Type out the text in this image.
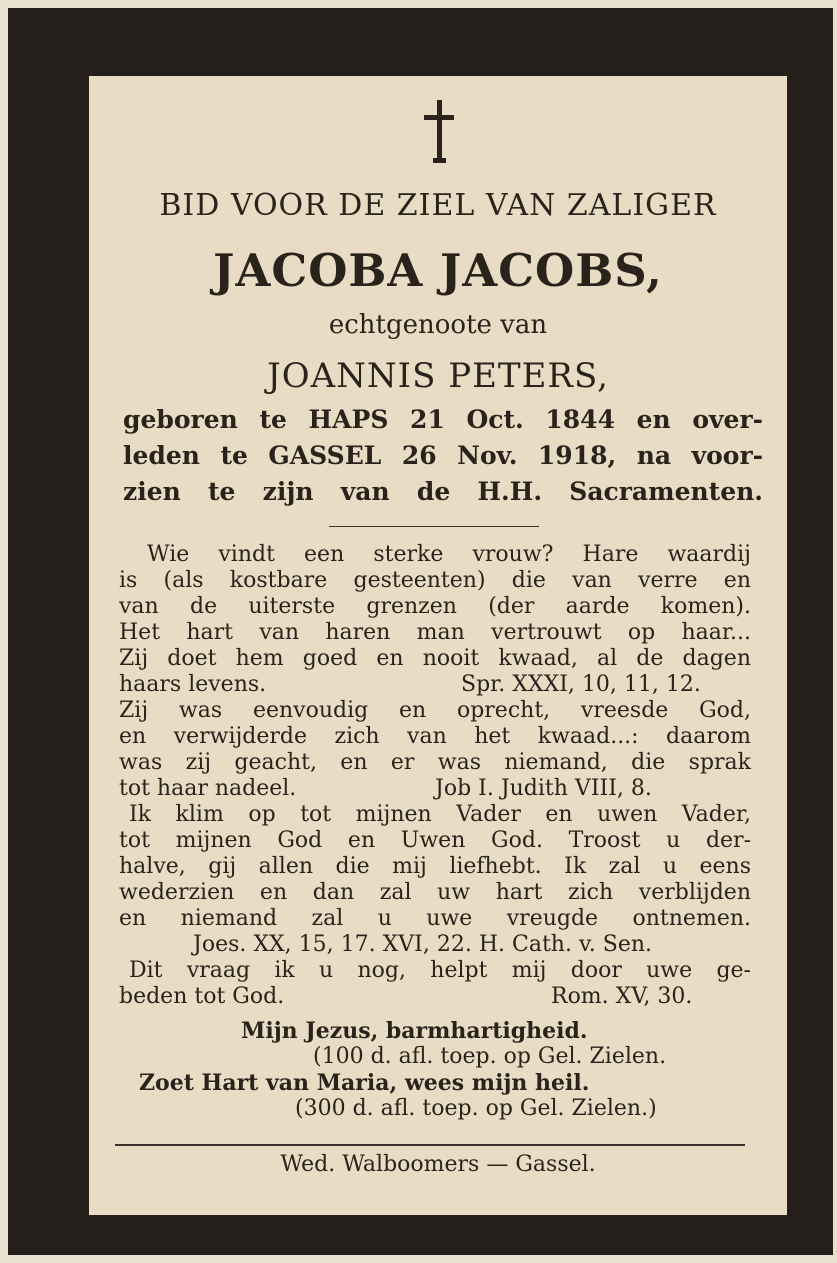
BID VOOR DE ZIEL VAN ZALIGER
JACOBA JACOBS,
echtgenoote van
JOANNIS PETERS,
geboren te HAPS 21 Oct. 1844 en over-
leden te GASSEL 26 Nov. 1918, na voor-
zien te zijn van de H.H. Sacramenten.
Wie vindt een sterke vrouw? Hare waardij
is (als kostbare gesteenten) die van verre en
van de uiterste grenzen (der aarde komen).
Het hart van haren man vertrouwt op haar...
Zij doet hem goed en nooit kwaad, al de dagen
haars levens.	Spr. XXXI, 10, 11, 12.
Zij was eenvoudig en oprecht, vreesde God,
en verwijderde zich van het kwaad...: daarom
was zij geacht, en er was niemand, die sprak
tot haar nadeel.	Job I. Judith VIII, 8.
Ik klim op tot mijnen Vader en uwen Vader,
tot mijnen God en Uwen God. Troost u der-
halve, gij allen die mij liefhebt. Ik zal u eens
wederzien en dan zal uw hart zich verblijden
en niemand zal u uwe vreugde ontnemen.
Joes. XX, 15, 17. XVI, 22. H. Cath. v. Sen.
Dit vraag ik u nog, helpt mij door uwe ge-
beden tot God.	Rom. XV, 30.
Mijn Jezus, barmhartigheid.
(100 d. afl. toep. op Gel. Zielen.
Zoet Hart van Maria, wees mijn heil.
(300 d. afl. toep. op Gel. Zielen.)
Wed. Walboomers — Gassel.
